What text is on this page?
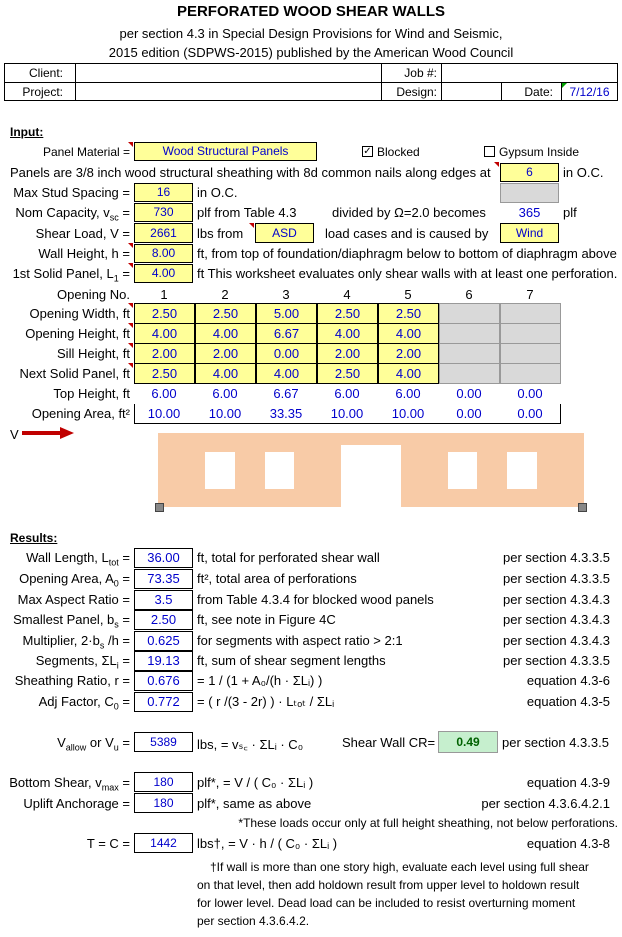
PERFORATED WOOD SHEAR WALLS
per section 4.3 in Special Design Provisions for Wind and Seismic,
2015 edition (SDPWS-2015) published by the American Wood Council
Client:	Job #:
Project:	Design:	Date:	7/12/16
Input:
Panel Material =	Wood Structural Panels	✓ Blocked	Gypsum Inside
Panels are 3/8 inch wood structural sheathing with 8d common nails along edges at	6	in O.C.
Max Stud Spacing =	16	in O.C.
Nom Capacity, $v_{sc}$ =	730	plf from Table 4.3	divided by Ω=2.0 becomes	365	plf
Shear Load, V =	2661	lbs from	ASD	load cases and is caused by	Wind
Wall Height, h =	8.00	ft, from top of foundation/diaphragm below to bottom of diaphragm above
1st Solid Panel, $L_1$ =	4.00	ft This worksheet evaluates only shear walls with at least one perforation.
Opening No.	1	2	3	4	5	6	7
Opening Width, ft	2.50	2.50	5.00	2.50	2.50
Opening Height, ft	4.00	4.00	6.67	4.00	4.00
Sill Height, ft	2.00	2.00	0.00	2.00	2.00
Next Solid Panel, ft	2.50	4.00	4.00	2.50	4.00
Top Height, ft	6.00	6.00	6.67	6.00	6.00	0.00	0.00
Opening Area, ft²	10.00	10.00	33.35	10.00	10.00	0.00	0.00
V
Results:
Wall Length, $L_{tot}$ =	36.00	ft, total for perforated shear wall	per section 4.3.3.5
Opening Area, $A_0$ =	73.35	ft², total area of perforations	per section 4.3.3.5
Max Aspect Ratio =	3.5	from Table 4.3.4 for blocked wood panels	per section 4.3.4.3
Smallest Panel, $b_s$ =	2.50	ft, see note in Figure 4C	per section 4.3.4.3
Multiplier, $2\cdot b_s$ /h =	0.625	for segments with aspect ratio > 2:1	per section 4.3.4.3
Segments, $\Sigma L_i$ =	19.13	ft, sum of shear segment lengths	per section 4.3.3.5
Sheathing Ratio, r =	0.676	= 1 / (1 + A₀/(h · ΣLᵢ) )	equation 4.3-6
Adj Factor, $C_0$ =	0.772	= ( r /(3 - 2r) ) · Lₜₒₜ / ΣLᵢ	equation 4.3-5
$V_{allow}$ or $V_u$ =	5389	lbs, = vₛ꜀ · ΣLᵢ · C₀	Shear Wall CR=	0.49	per section 4.3.3.5
Bottom Shear, $v_{max}$ =	180	plf*, = V / ( C₀ · ΣLᵢ )	equation 4.3-9
Uplift Anchorage =	180	plf*, same as above	per section 4.3.6.4.2.1
*These loads occur only at full height sheathing, not below perforations.
T = C =	1442	lbs†, = V · h / ( C₀ · ΣLᵢ )	equation 4.3-8
†If wall is more than one story high, evaluate each level using full shear
on that level, then add holdown result from upper level to holdown result
for lower level. Dead load can be included to resist overturning moment
per section 4.3.6.4.2.
